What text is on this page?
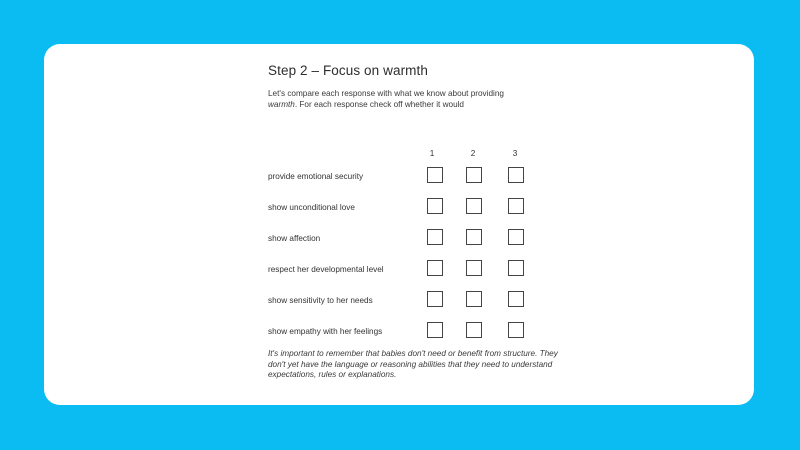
Step 2 – Focus on warmth

Let's compare each response with what we know about providing
warmth. For each response check off whether it would

1	2	3
provide emotional security
show unconditional love
show affection
respect her developmental level
show sensitivity to her needs
show empathy with her feelings

It's important to remember that babies don't need or benefit from structure. They don't yet have the language or reasoning abilities that they need to understand expectations, rules or explanations.
